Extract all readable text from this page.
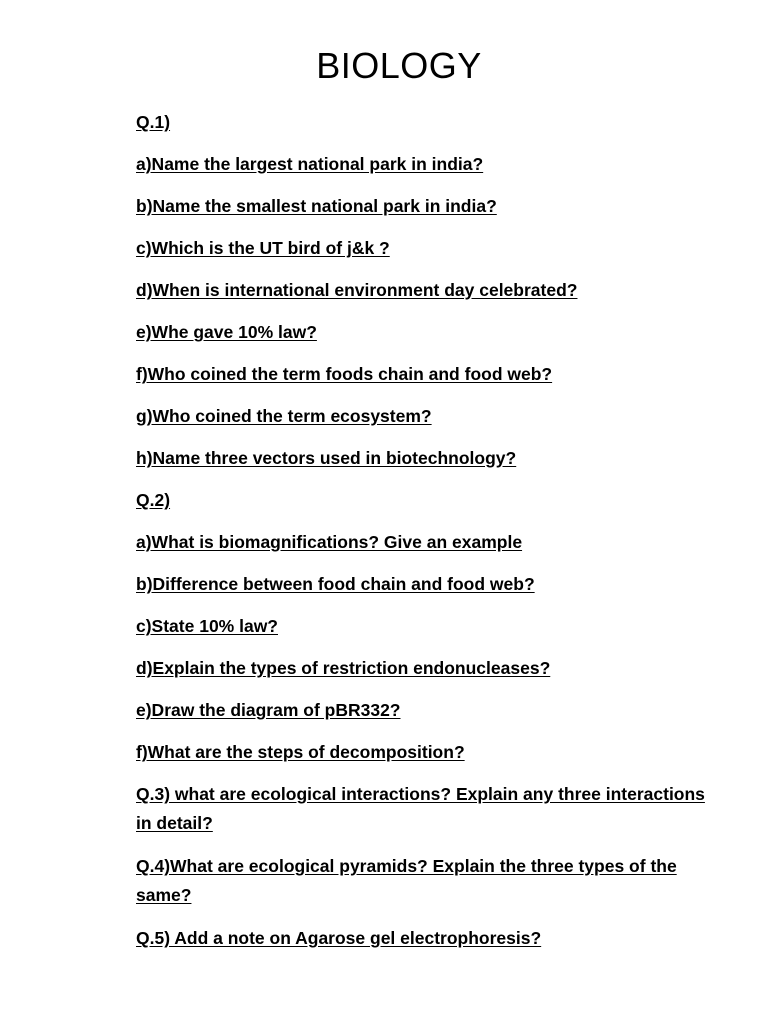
BIOLOGY
Q.1)
a)Name the largest national park in india?
b)Name the smallest national park in india?
c)Which is the UT bird of j&k ?
d)When is international environment day celebrated?
e)Whe gave 10% law?
f)Who coined the term foods chain and food web?
g)Who coined the term ecosystem?
h)Name three vectors used in biotechnology?
Q.2)
a)What is biomagnifications? Give an example
b)Difference between food chain and food web?
c)State 10% law?
d)Explain the types of restriction endonucleases?
e)Draw the diagram of pBR332?
f)What are the steps of decomposition?
Q.3) what are ecological interactions? Explain any three interactions in detail?
Q.4)What are ecological pyramids? Explain the three types of the same?
Q.5) Add a note on Agarose gel electrophoresis?
